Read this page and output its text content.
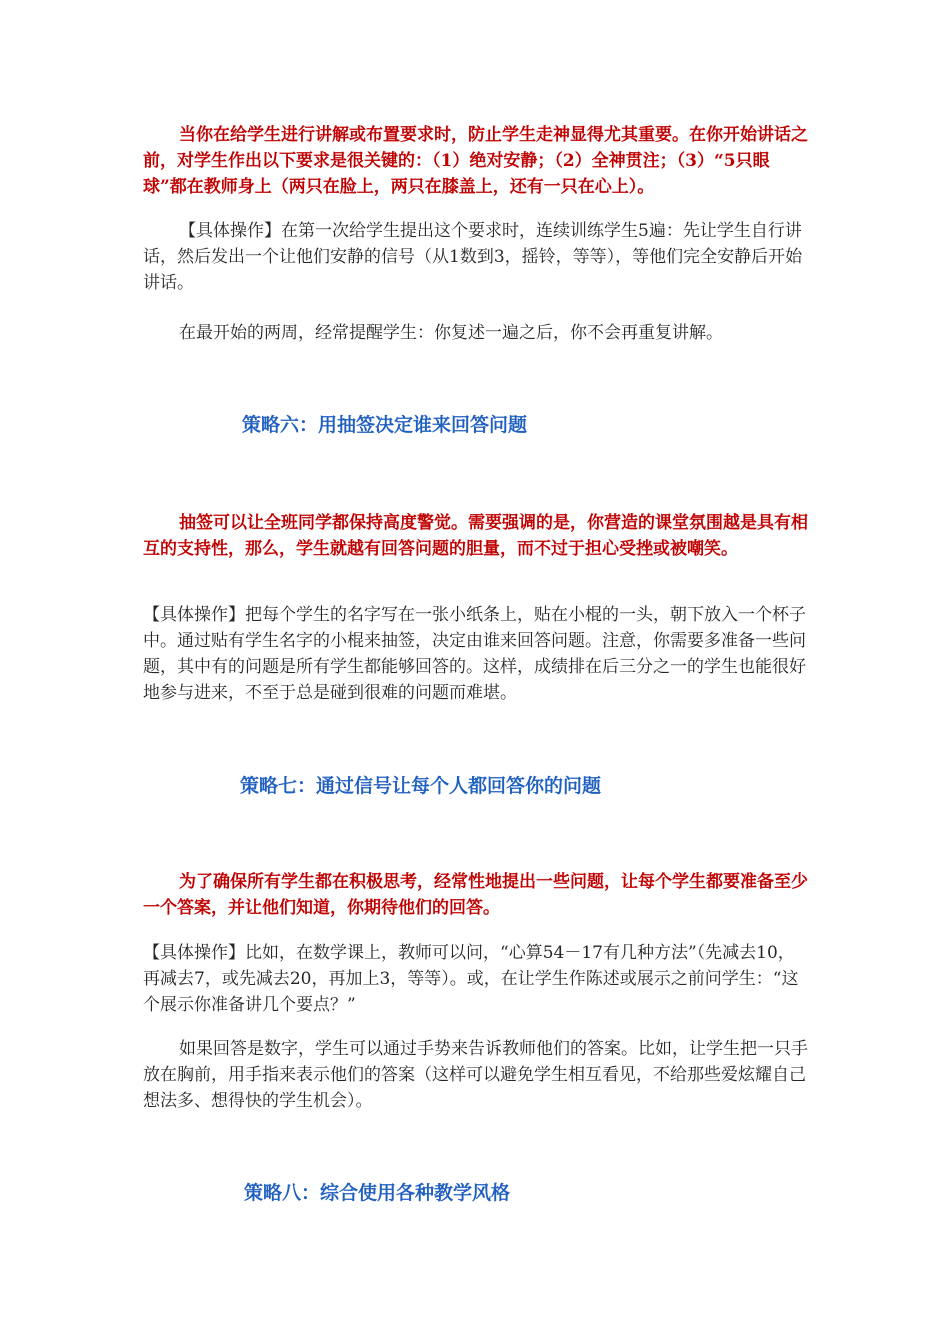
当你在给学生进行讲解或布置要求时，防止学生走神显得尤其重要。在你开始讲话之前，对学生作出以下要求是很关键的：（1）绝对安静；（2）全神贯注；（3）“5只眼球”都在教师身上（两只在脸上，两只在膝盖上，还有一只在心上）。

【具体操作】在第一次给学生提出这个要求时，连续训练学生5遍：先让学生自行讲话，然后发出一个让他们安静的信号（从1数到3，摇铃，等等），等他们完全安静后开始讲话。

在最开始的两周，经常提醒学生：你复述一遍之后，你不会再重复讲解。

策略六：用抽签决定谁来回答问题

抽签可以让全班同学都保持高度警觉。需要强调的是，你营造的课堂氛围越是具有相互的支持性，那么，学生就越有回答问题的胆量，而不过于担心受挫或被嘲笑。

【具体操作】把每个学生的名字写在一张小纸条上，贴在小棍的一头，朝下放入一个杯子中。通过贴有学生名字的小棍来抽签，决定由谁来回答问题。注意，你需要多准备一些问题，其中有的问题是所有学生都能够回答的。这样，成绩排在后三分之一的学生也能很好地参与进来，不至于总是碰到很难的问题而难堪。

策略七：通过信号让每个人都回答你的问题

为了确保所有学生都在积极思考，经常性地提出一些问题，让每个学生都要准备至少一个答案，并让他们知道，你期待他们的回答。

【具体操作】比如，在数学课上，教师可以问，“心算54－17有几种方法”（先减去10，再减去7，或先减去20，再加上3，等等）。或，在让学生作陈述或展示之前问学生：“这个展示你准备讲几个要点？”

如果回答是数字，学生可以通过手势来告诉教师他们的答案。比如，让学生把一只手放在胸前，用手指来表示他们的答案（这样可以避免学生相互看见，不给那些爱炫耀自己想法多、想得快的学生机会）。

策略八：综合使用各种教学风格
